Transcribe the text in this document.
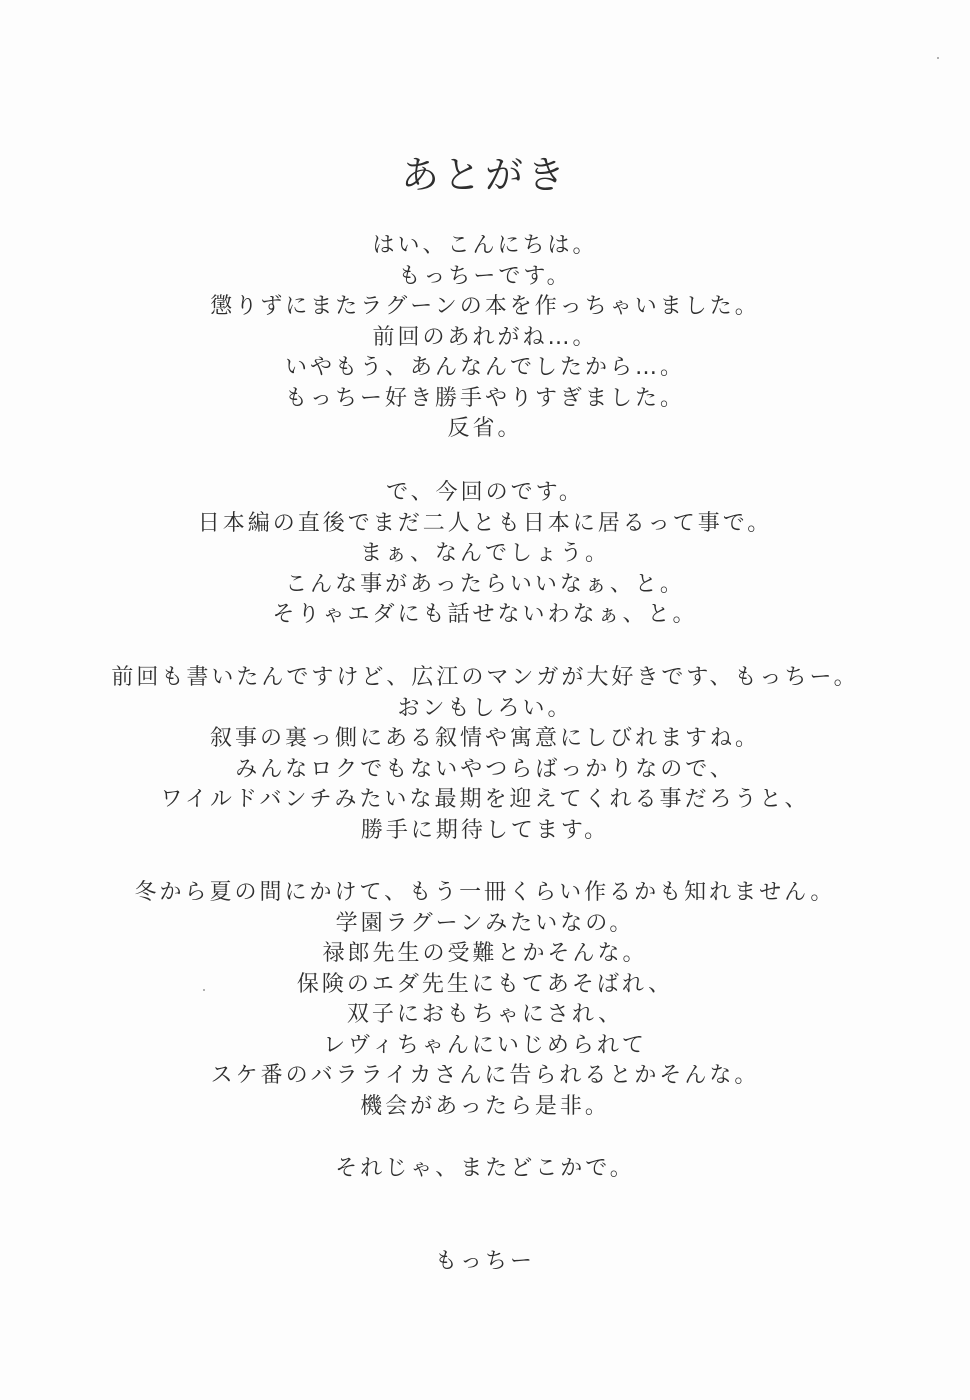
あとがき
はい、こんにちは。
もっちーです。
懲りずにまたラグーンの本を作っちゃいました。
前回のあれがね…。
いやもう、あんなんでしたから…。
もっちー好き勝手やりすぎました。
反省。
で、今回のです。
日本編の直後でまだ二人とも日本に居るって事で。
まぁ、なんでしょう。
こんな事があったらいいなぁ、と。
そりゃエダにも話せないわなぁ、と。
前回も書いたんですけど、広江のマンガが大好きです、もっちー。
おンもしろい。
叙事の裏っ側にある叙情や寓意にしびれますね。
みんなロクでもないやつらばっかりなので、
ワイルドバンチみたいな最期を迎えてくれる事だろうと、
勝手に期待してます。
冬から夏の間にかけて、もう一冊くらい作るかも知れません。
学園ラグーンみたいなの。
禄郎先生の受難とかそんな。
保険のエダ先生にもてあそばれ、
双子におもちゃにされ、
レヴィちゃんにいじめられて
スケ番のバラライカさんに告られるとかそんな。
機会があったら是非。
それじゃ、またどこかで。
もっちー
